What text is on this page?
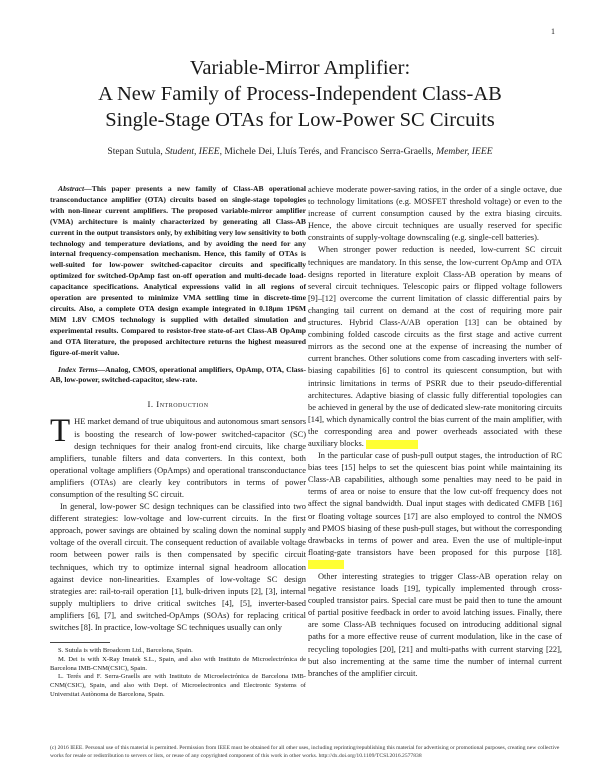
1
Variable-Mirror Amplifier:
A New Family of Process-Independent Class-AB
Single-Stage OTAs for Low-Power SC Circuits
Stepan Sutula, Student, IEEE, Michele Dei, Lluís Terés, and Francisco Serra-Graells, Member, IEEE

Abstract—This paper presents a new family of Class-AB operational transconductance amplifier (OTA) circuits based on single-stage topologies with non-linear current amplifiers. The proposed variable-mirror amplifier (VMA) architecture is mainly characterized by generating all Class-AB current in the output transistors only, by exhibiting very low sensitivity to both technology and temperature deviations, and by avoiding the need for any internal frequency-compensation mechanism. Hence, this family of OTAs is well-suited for low-power switched-capacitor circuits and specifically optimized for switched-OpAmp fast on-off operation and multi-decade load-capacitance specifications. Analytical expressions valid in all regions of operation are presented to minimize VMA settling time in discrete-time circuits. Also, a complete OTA design example integrated in 0.18μm 1P6M MiM 1.8V CMOS technology is supplied with detailed simulation and experimental results. Compared to resistor-free state-of-art Class-AB OpAmp and OTA literature, the proposed architecture returns the highest measured figure-of-merit value.

Index Terms—Analog, CMOS, operational amplifiers, OpAmp, OTA, Class-AB, low-power, switched-capacitor, slew-rate.

I. Introduction

THE market demand of true ubiquitous and autonomous smart sensors is boosting the research of low-power switched-capacitor (SC) design techniques for their analog front-end circuits, like charge amplifiers, tunable filters and data converters. In this context, both operational voltage amplifiers (OpAmps) and operational transconductance amplifiers (OTAs) are clearly key contributors in terms of power consumption of the resulting SC circuit.

In general, low-power SC design techniques can be classified into two different strategies: low-voltage and low-current circuits. In the first approach, power savings are obtained by scaling down the nominal supply voltage of the overall circuit. The consequent reduction of available voltage room between power rails is then compensated by specific circuit techniques, which try to optimize internal signal headroom allocation against device non-linearities. Examples of low-voltage SC design strategies are: rail-to-rail operation [1], bulk-driven inputs [2], [3], internal supply multipliers to drive critical switches [4], [5], inverter-based amplifiers [6], [7], and switched-OpAmps (SOAs) for replacing critical switches [8]. In practice, low-voltage SC techniques usually can only

S. Sutula is with Broadcom Ltd., Barcelona, Spain.

M. Dei is with X-Ray Imatek S.L., Spain, and also with Instituto de Microelectrónica de Barcelona IMB-CNM(CSIC), Spain.

L. Terés and F. Serra-Graells are with Instituto de Microelectrónica de Barcelona IMB-CNM(CSIC), Spain, and also with Dept. of Microelectronics and Electronic Systems of Universitat Autònoma de Barcelona, Spain.

achieve moderate power-saving ratios, in the order of a single octave, due to technology limitations (e.g. MOSFET threshold voltage) or even to the increase of current consumption caused by the extra biasing circuits. Hence, the above circuit techniques are usually reserved for specific constraints of supply-voltage downscaling (e.g. single-cell batteries).

When stronger power reduction is needed, low-current SC circuit techniques are mandatory. In this sense, the low-current OpAmp and OTA designs reported in literature exploit Class-AB operation by means of several circuit techniques. Telescopic pairs or flipped voltage followers [9]–[12] overcome the current limitation of classic differential pairs by changing tail current on demand at the cost of requiring more pair structures. Hybrid Class-A/AB operation [13] can be obtained by combining folded cascode circuits as the first stage and active current mirrors as the second one at the expense of increasing the number of current branches. Other solutions come from cascading inverters with self-biasing capabilities [6] to control its quiescent consumption, but with intrinsic limitations in terms of PSRR due to their pseudo-differential architectures. Adaptive biasing of classic fully differential topologies can be achieved in general by the use of dedicated slew-rate monitoring circuits [14], which dynamically control the bias current of the main amplifier, with the corresponding area and power overheads associated with these auxiliary blocks.

In the particular case of push-pull output stages, the introduction of RC bias tees [15] helps to set the quiescent bias point while maintaining its Class-AB capabilities, although some penalties may need to be paid in terms of area or noise to ensure that the low cut-off frequency does not affect the signal bandwidth. Dual input stages with dedicated CMFB [16] or floating voltage sources [17] are also employed to control the NMOS and PMOS biasing of these push-pull stages, but without the corresponding drawbacks in terms of power and area. Even the use of multiple-input floating-gate transistors have been proposed for this purpose [18].

Other interesting strategies to trigger Class-AB operation relay on negative resistance loads [19], typically implemented through cross-coupled transistor pairs. Special care must be paid then to tune the amount of partial positive feedback in order to avoid latching issues. Finally, there are some Class-AB techniques focused on introducing additional signal paths for a more effective reuse of current modulation, like in the case of recycling topologies [20], [21] and multi-paths with current starving [22], but also incrementing at the same time the number of internal current branches of the amplifier circuit.

(c) 2016 IEEE. Personal use of this material is permitted. Permission from IEEE must be obtained for all other uses, including reprinting/republishing this material for advertising or promotional purposes, creating new collective works for resale or redistribution to servers or lists, or reuse of any copyrighted component of this work in other works. http://dx.doi.org/10.1109/TCSI.2016.2577838
